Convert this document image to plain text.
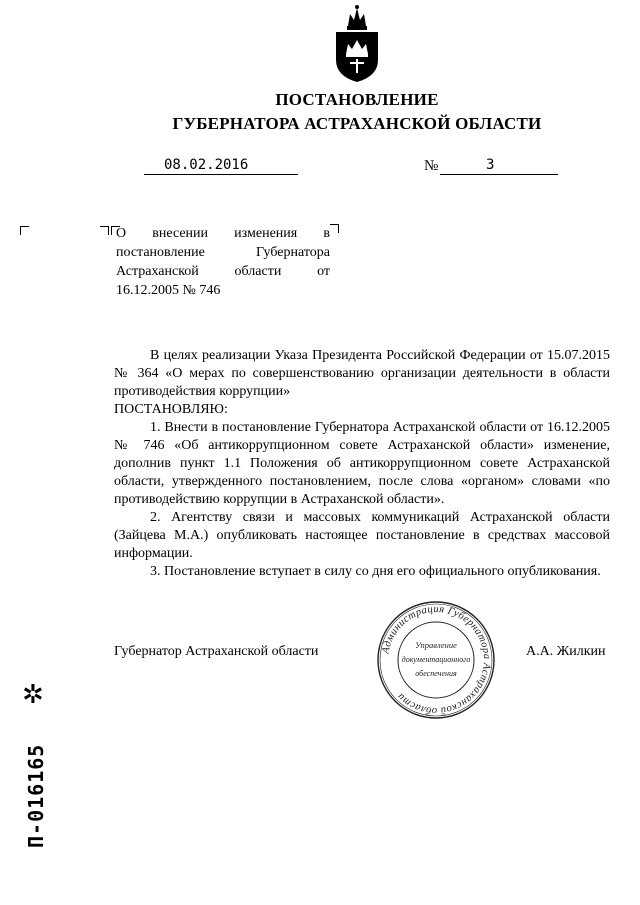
ПОСТАНОВЛЕНИЕ
ГУБЕРНАТОРА АСТРАХАНСКОЙ ОБЛАСТИ
08.02.2016	№	3
О внесении изменения в постановление Губернатора Астраханской области от 16.12.2005 № 746

В целях реализации Указа Президента Российской Федерации от 15.07.2015 № 364 «О мерах по совершенствованию организации деятельности в области противодействия коррупции»

ПОСТАНОВЛЯЮ:

1. Внести в постановление Губернатора Астраханской области от 16.12.2005 № 746 «Об антикоррупционном совете Астраханской области» изменение, дополнив пункт 1.1 Положения об антикоррупционном совете Астраханской области, утвержденного постановлением, после слова «органом» словами «по противодействию коррупции в Астраханской области».

2. Агентству связи и массовых коммуникаций Астраханской области (Зайцева М.А.) опубликовать настоящее постановление в средствах массовой информации.

3. Постановление вступает в силу со дня его официального опубликования.

Губернатор Астраханской области	А.А. Жилкин
Администрация Губернатора Астраханской области
Управление
документационного
обеспечения
✲
П-016165
